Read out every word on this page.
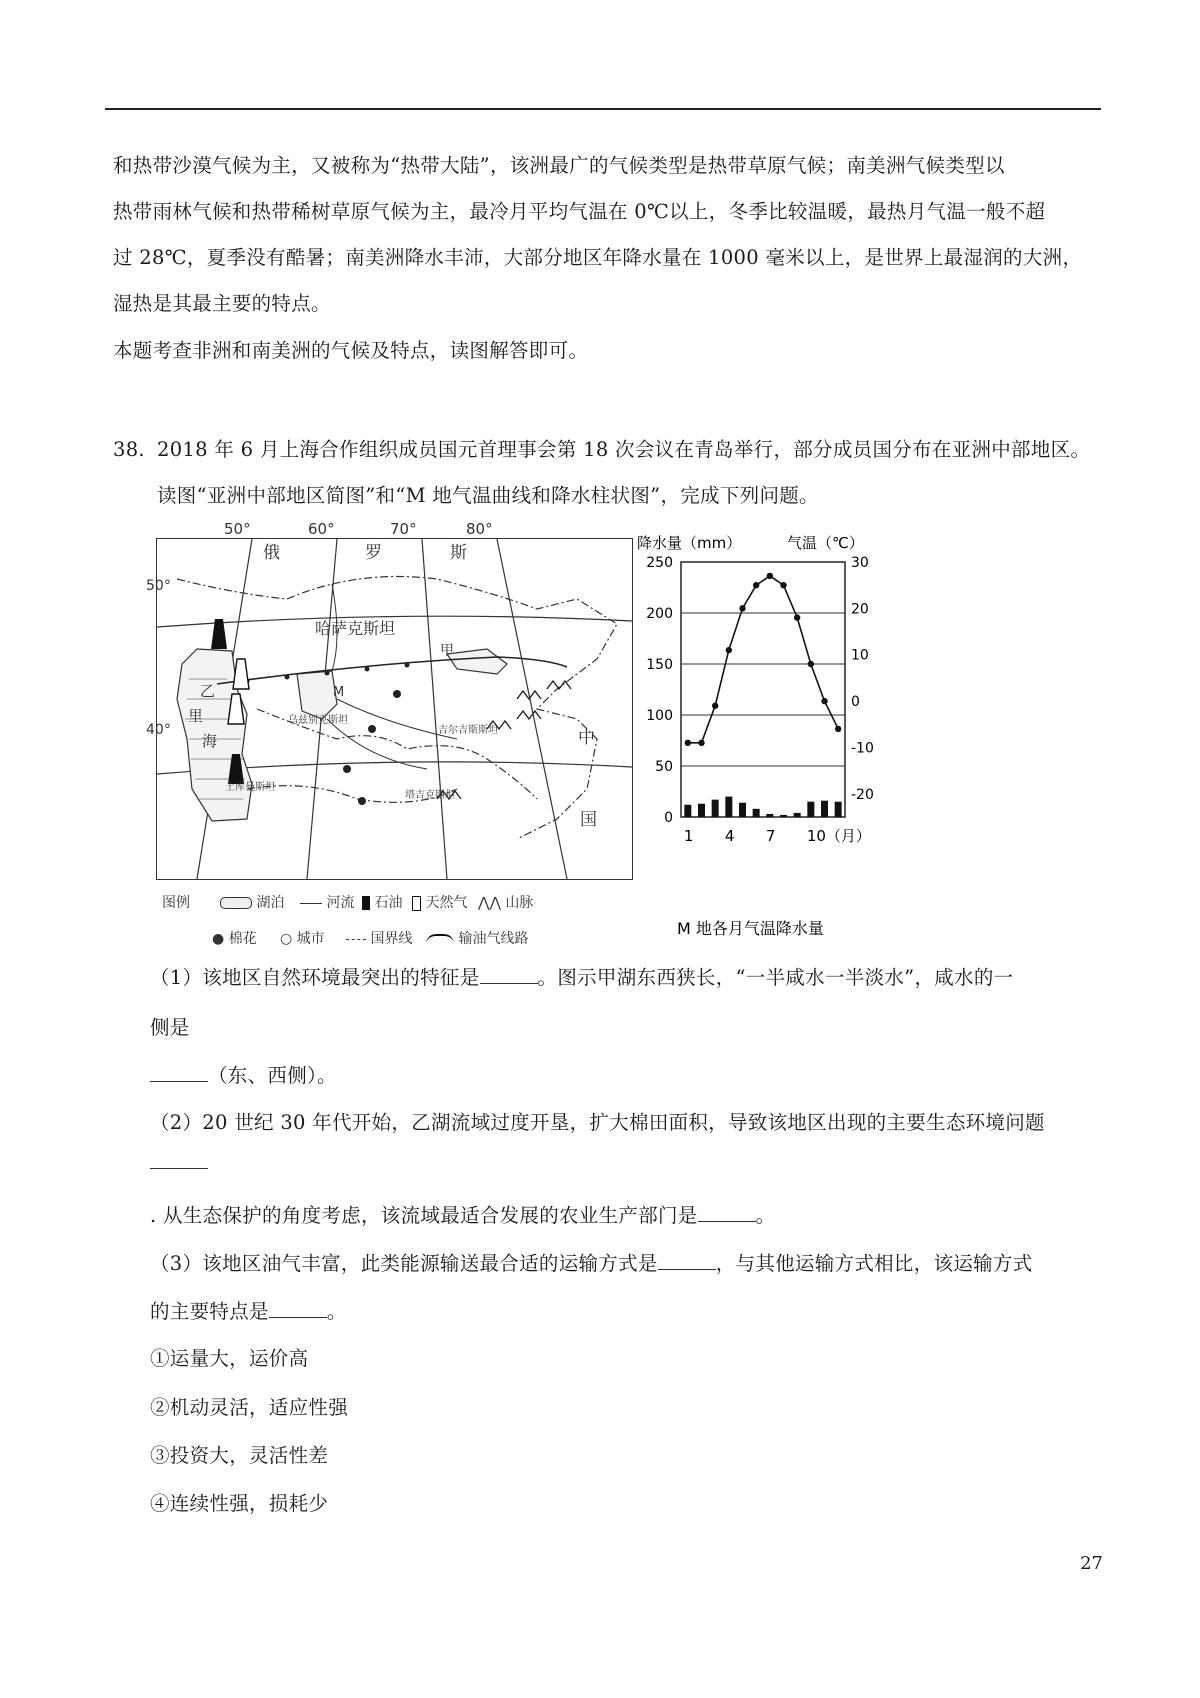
和热带沙漠气候为主，又被称为“热带大陆”，该洲最广的气候类型是热带草原气候；南美洲气候类型以
热带雨林气候和热带稀树草原气候为主，最冷月平均气温在 0℃以上，冬季比较温暖，最热月气温一般不超
过 28℃，夏季没有酷暑；南美洲降水丰沛，大部分地区年降水量在 1000 毫米以上，是世界上最湿润的大洲，
湿热是其最主要的特点。
本题考查非洲和南美洲的气候及特点，读图解答即可。
38. 2018 年 6 月上海合作组织成员国元首理事会第 18 次会议在青岛举行，部分成员国分布在亚洲中部地区。
读图“亚洲中部地区简图”和“M 地气温曲线和降水柱状图”，完成下列问题。
50°	60°	70°	80°
50°
40°
俄	罗	斯
哈萨克斯坦
甲
M
乌兹别克斯坦
土库曼斯坦
吉尔吉斯斯坦
塔吉克斯坦
中
国
里
海
乙
图例	湖泊	河流	石油	天然气 ⋀⋀ 山脉
● 棉花 ○ 城市	国界线	输油气线路
降水量（mm）	气温（℃）
0
50
100
150
200
250	30
20
10
0
-10
-20
1 4 7 10（月）
M 地各月气温降水量
（1）该地区自然环境最突出的特征是	。图示甲湖东西狭长，“一半咸水一半淡水”，咸水的一
侧是
（东、西侧）。
（2）20 世纪 30 年代开始，乙湖流域过度开垦，扩大棉田面积，导致该地区出现的主要生态环境问题
. 从生态保护的角度考虑，该流域最适合发展的农业生产部门是	。
（3）该地区油气丰富，此类能源输送最合适的运输方式是	，与其他运输方式相比，该运输方式
的主要特点是	。
①运量大，运价高
②机动灵活，适应性强
③投资大，灵活性差
④连续性强，损耗少
27
